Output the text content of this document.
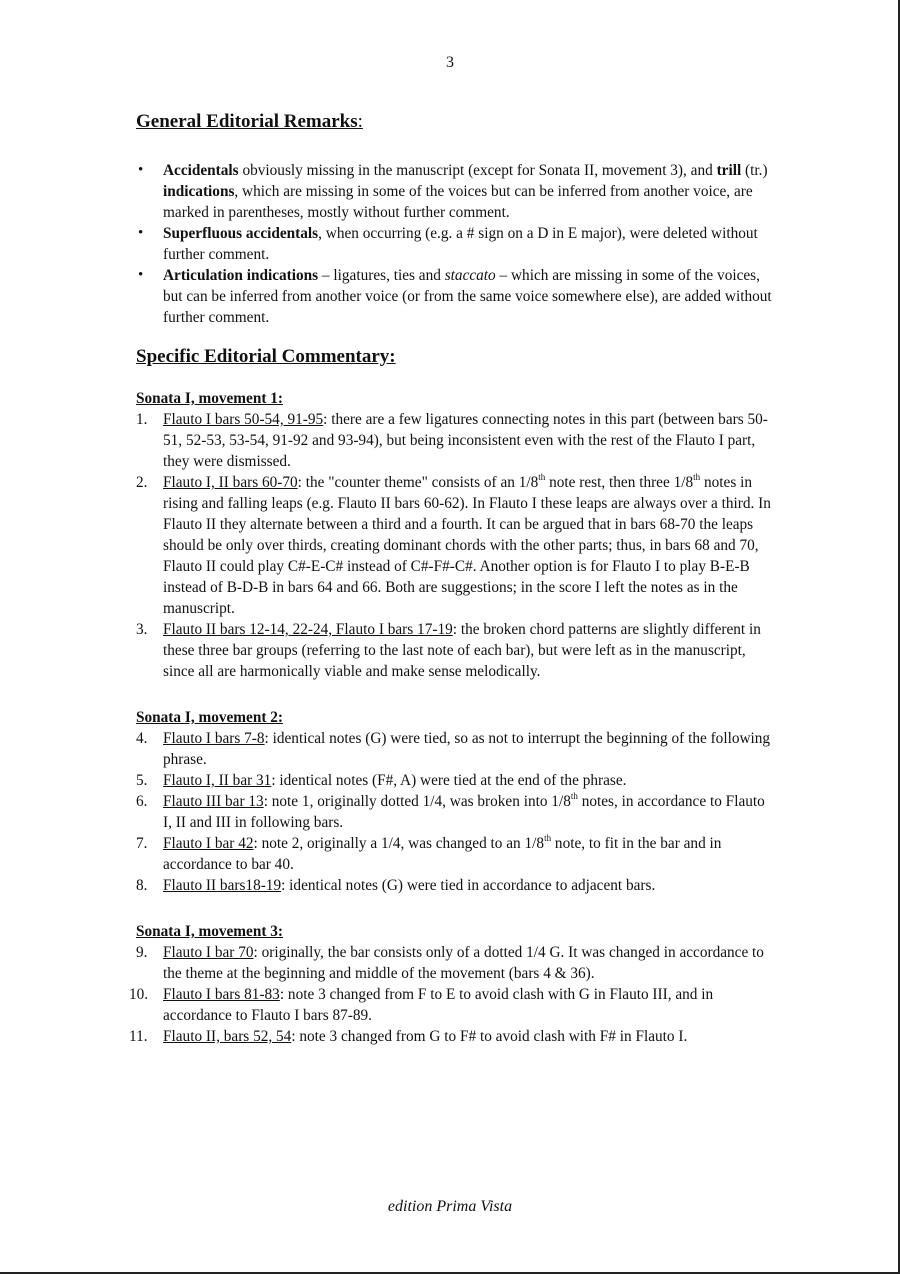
3
General Editorial Remarks:
• Accidentals obviously missing in the manuscript (except for Sonata II, movement 3), and trill (tr.) indications, which are missing in some of the voices but can be inferred from another voice, are marked in parentheses, mostly without further comment.
• Superfluous accidentals, when occurring (e.g. a # sign on a D in E major), were deleted without further comment.
• Articulation indications – ligatures, ties and staccato – which are missing in some of the voices, but can be inferred from another voice (or from the same voice somewhere else), are added without further comment.
Specific Editorial Commentary:
Sonata I, movement 1:
1. Flauto I bars 50-54, 91-95: there are a few ligatures connecting notes in this part (between bars 50-51, 52-53, 53-54, 91-92 and 93-94), but being inconsistent even with the rest of the Flauto I part, they were dismissed.
2. Flauto I, II bars 60-70: the "counter theme" consists of an 1/8th note rest, then three 1/8th notes in rising and falling leaps (e.g. Flauto II bars 60-62). In Flauto I these leaps are always over a third. In Flauto II they alternate between a third and a fourth. It can be argued that in bars 68-70 the leaps should be only over thirds, creating dominant chords with the other parts; thus, in bars 68 and 70, Flauto II could play C#-E-C# instead of C#-F#-C#. Another option is for Flauto I to play B-E-B instead of B-D-B in bars 64 and 66. Both are suggestions; in the score I left the notes as in the manuscript.
3. Flauto II bars 12-14, 22-24, Flauto I bars 17-19: the broken chord patterns are slightly different in these three bar groups (referring to the last note of each bar), but were left as in the manuscript, since all are harmonically viable and make sense melodically.
Sonata I, movement 2:
4. Flauto I bars 7-8: identical notes (G) were tied, so as not to interrupt the beginning of the following phrase.
5. Flauto I, II bar 31: identical notes (F#, A) were tied at the end of the phrase.
6. Flauto III bar 13: note 1, originally dotted 1/4, was broken into 1/8th notes, in accordance to Flauto I, II and III in following bars.
7. Flauto I bar 42: note 2, originally a 1/4, was changed to an 1/8th note, to fit in the bar and in accordance to bar 40.
8. Flauto II bars18-19: identical notes (G) were tied in accordance to adjacent bars.
Sonata I, movement 3:
9. Flauto I bar 70: originally, the bar consists only of a dotted 1/4 G. It was changed in accordance to the theme at the beginning and middle of the movement (bars 4 & 36).
10. Flauto I bars 81-83: note 3 changed from F to E to avoid clash with G in Flauto III, and in accordance to Flauto I bars 87-89.
11. Flauto II, bars 52, 54: note 3 changed from G to F# to avoid clash with F# in Flauto I.
edition Prima Vista
